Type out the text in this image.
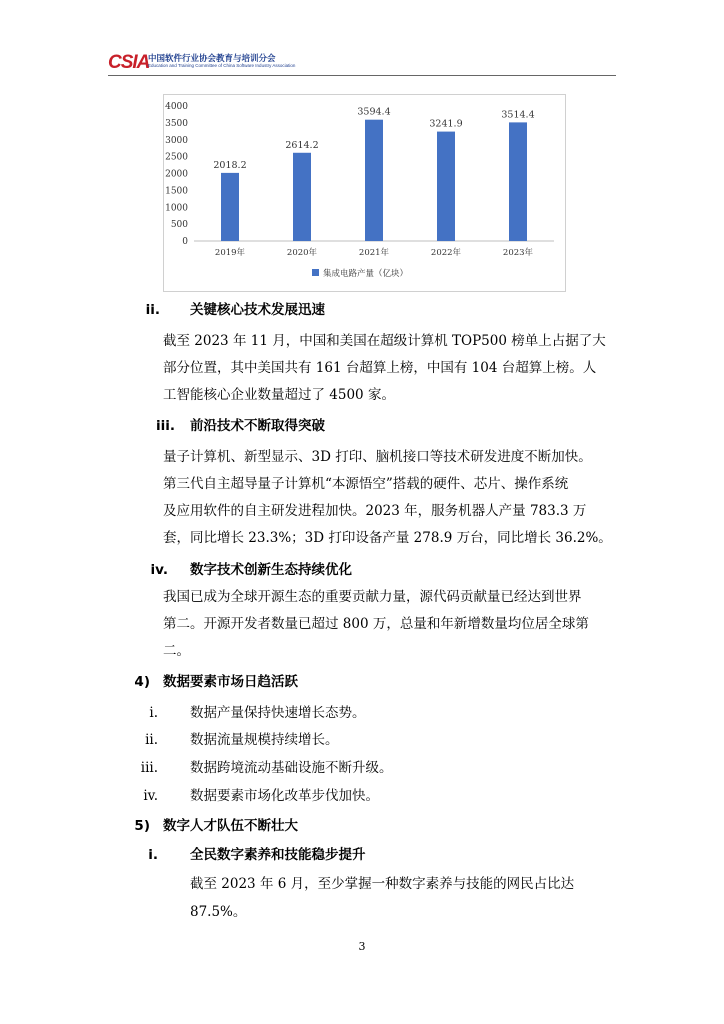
CSIA
中国软件行业协会教育与培训分会
Education and Training Committee of China Software Industry Association
0
500
1000
1500
2000
2500
3000
3500
4000
2018.2
2019年
2614.2
2020年
3594.4
2021年
3241.9
2022年
3514.4
2023年
集成电路产量（亿块）
ii. 关键核心技术发展迅速
截至 2023 年 11 月，中国和美国在超级计算机 TOP500 榜单上占据了大
部分位置，其中美国共有 161 台超算上榜，中国有 104 台超算上榜。人
工智能核心企业数量超过了 4500 家。
iii. 前沿技术不断取得突破
量子计算机、新型显示、3D 打印、脑机接口等技术研发进度不断加快。
第三代自主超导量子计算机“本源悟空”搭载的硬件、芯片、操作系统
及应用软件的自主研发进程加快。2023 年，服务机器人产量 783.3 万
套，同比增长 23.3%；3D 打印设备产量 278.9 万台，同比增长 36.2%。
iv. 数字技术创新生态持续优化
我国已成为全球开源生态的重要贡献力量，源代码贡献量已经达到世界
第二。开源开发者数量已超过 800 万，总量和年新增数量均位居全球第
二。
4) 数据要素市场日趋活跃
i. 数据产量保持快速增长态势。
ii. 数据流量规模持续增长。
iii. 数据跨境流动基础设施不断升级。
iv. 数据要素市场化改革步伐加快。
5) 数字人才队伍不断壮大
i. 全民数字素养和技能稳步提升
截至 2023 年 6 月，至少掌握一种数字素养与技能的网民占比达
87.5%。
3
